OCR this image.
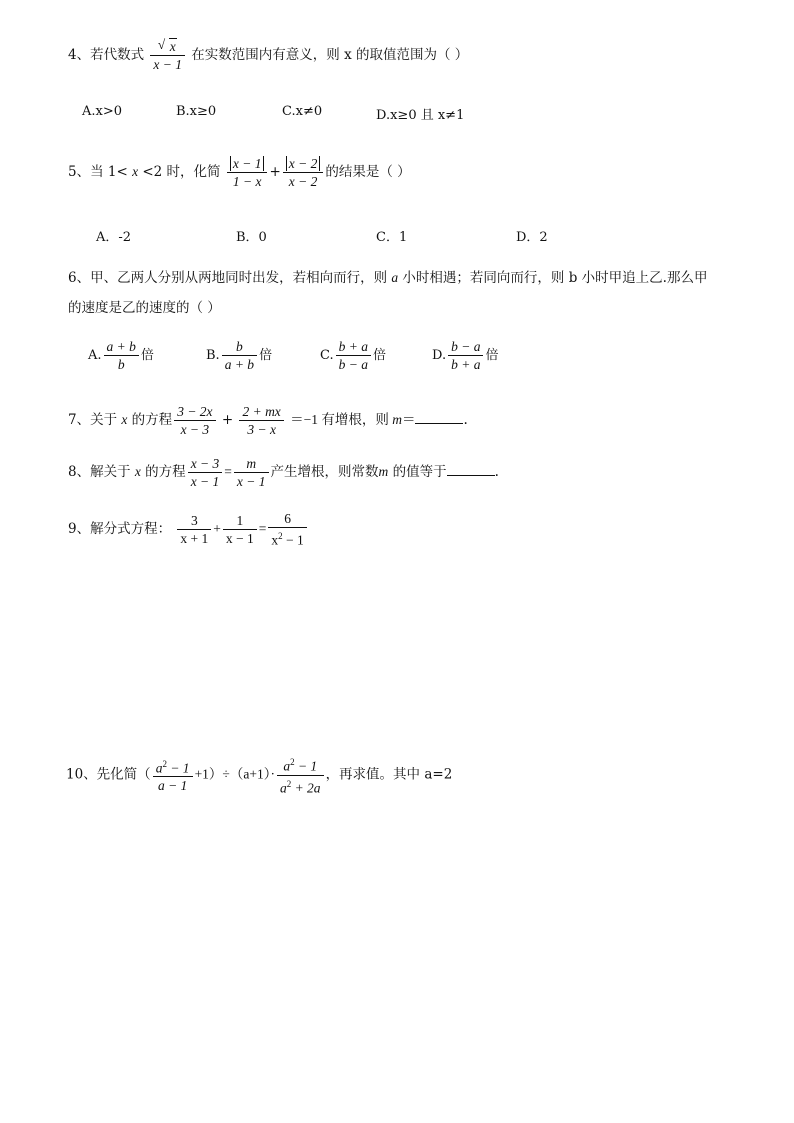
4、若代数式
√ $\frac{x}{x - 1}$ 在实数范围内有意义，则 x 的取值范围为（ ）
A.x>0	B.x≥0	C.x≠0	D.x≥0 且 x≠1
5、当 1< x <2 时，化简 $\frac{x - 1}{1 - x} + \frac{x - 2}{x - 2}$ 的结果是（ ）
A．-2	B．0	C．1	D．2
6、甲、乙两人分别从两地同时出发，若相向而行，则 a 小时相遇；若同向而行，则 b 小时甲追上乙.那么甲
的速度是乙的速度的（ ）
A. $\frac{a + b}{b}$ 倍	B. $\frac{b}{a + b}$ 倍	C. $\frac{b + a}{b - a}$ 倍	D. $\frac{b - a}{b + a}$ 倍
7、关于 x 的方程 $\frac{3 - 2x}{x - 3} + \frac{2 + mx}{3 - x} =-1$ 有增根，则 m＝	.
8、解关于 x 的方程 $\frac{x - 3}{x - 1} = \frac{m}{x - 1}$ 产生增根，则常数m 的值等于	.
9、解分式方程： $\frac{3}{x + 1} + \frac{1}{x - 1} = \frac{6}{x^2 - 1}$
10、先化简（ $\frac{a^2 - 1}{a - 1} +1)\div(a+1)\cdot \frac{a^2 - 1}{a^2 + 2a}$ ，再求值。其中 a=2
